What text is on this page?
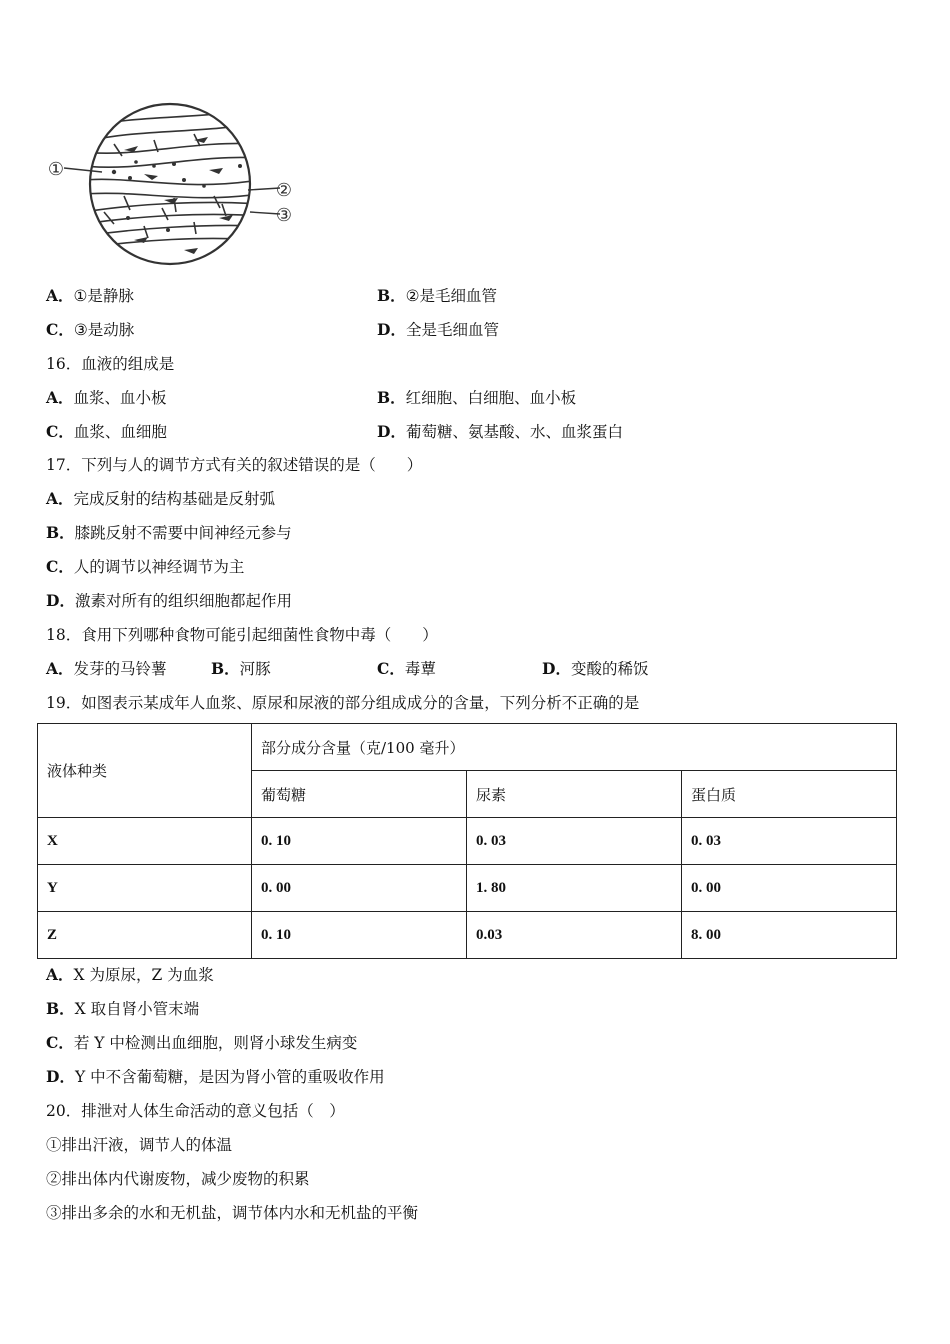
①
②
③
A．①是静脉	B．②是毛细血管
C．③是动脉	D．全是毛细血管
16．血液的组成是
A．血浆、血小板	B．红细胞、白细胞、血小板
C．血浆、血细胞	D．葡萄糖、氨基酸、水、血浆蛋白
17．下列与人的调节方式有关的叙述错误的是（　　）
A．完成反射的结构基础是反射弧
B．膝跳反射不需要中间神经元参与
C．人的调节以神经调节为主
D．激素对所有的组织细胞都起作用
18．食用下列哪种食物可能引起细菌性食物中毒（　　）
A．发芽的马铃薯	B．河豚	C．毒蕈	D．变酸的稀饭
19．如图表示某成年人血浆、原尿和尿液的部分组成成分的含量，下列分析不正确的是
液体种类	部分成分含量（克/100 毫升）		
	葡萄糖	尿素	蛋白质
X	0. 10	0. 03	0. 03
Y	0. 00	1. 80	0. 00
Z	0. 10	0.03	8. 00
A．X 为原尿，Z 为血浆
B．X 取自肾小管末端
C．若 Y 中检测出血细胞，则肾小球发生病变
D．Y 中不含葡萄糖，是因为肾小管的重吸收作用
20．排泄对人体生命活动的意义包括（　）
①排出汗液，调节人的体温
②排出体内代谢废物，减少废物的积累
③排出多余的水和无机盐，调节体内水和无机盐的平衡
